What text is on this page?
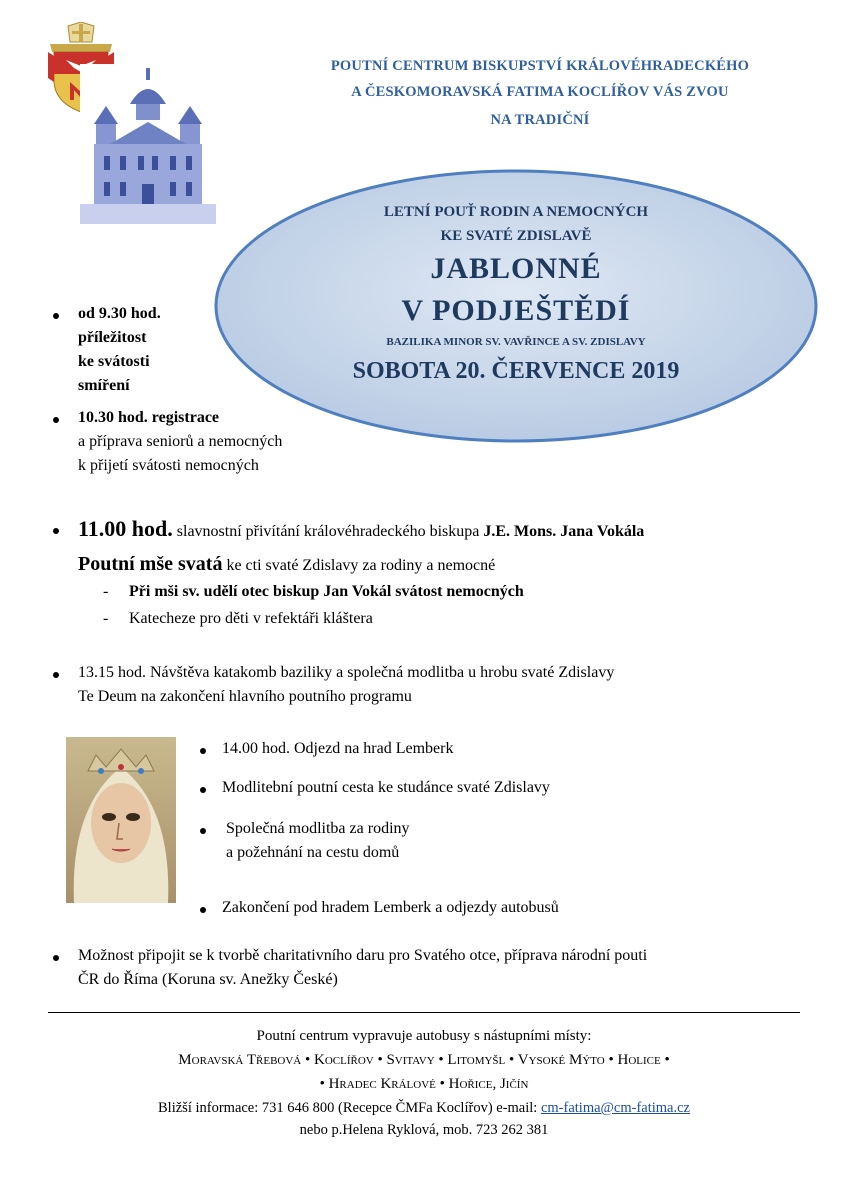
POUTNÍ CENTRUM BISKUPSTVÍ KRÁLOVÉHRADECKÉHO
A ČESKOMORAVSKÁ FATIMA KOCLÍŘOV VÁS ZVOU
NA TRADIČNÍ
LETNÍ POUŤ RODIN A NEMOCNÝCH
KE SVATÉ ZDISLAVĚ
JABLONNÉ
V PODJEŠTĚDÍ
BAZILIKA MINOR SV. VAVŘINCE A SV. ZDISLAVY
SOBOTA 20. ČERVENCE 2019
od 9.30 hod.
příležitost
ke svátosti
smíření
10.30 hod. registrace
a příprava seniorů a nemocných
k přijetí svátosti nemocných
11.00 hod. slavnostní přivítání královéhradeckého biskupa J.E. Mons. Jana Vokála
Poutní mše svatá ke cti svaté Zdislavy za rodiny a nemocné
- Při mši sv. udělí otec biskup Jan Vokál svátost nemocných
- Katecheze pro děti v refektáři kláštera
13.15 hod. Návštěva katakomb baziliky a společná modlitba u hrobu svaté Zdislavy
Te Deum na zakončení hlavního poutního programu
14.00 hod. Odjezd na hrad Lemberk
Modlitební poutní cesta ke studánce svaté Zdislavy
Společná modlitba za rodiny
a požehnání na cestu domů
Zakončení pod hradem Lemberk a odjezdy autobusů
Možnost připojit se k tvorbě charitativního daru pro Svatého otce, příprava národní pouti
ČR do Říma (Koruna sv. Anežky České)
Poutní centrum vypravuje autobusy s nástupními místy:
Moravská Třebová • Koclířov • Svitavy • Litomyšl • Vysoké Mýto • Holice •
• Hradec Králové • Hořice, Jičín
Bližší informace: 731 646 800 (Recepce ČMFa Koclířov) e-mail: cm-fatima@cm-fatima.cz
nebo p.Helena Ryklová, mob. 723 262 381
